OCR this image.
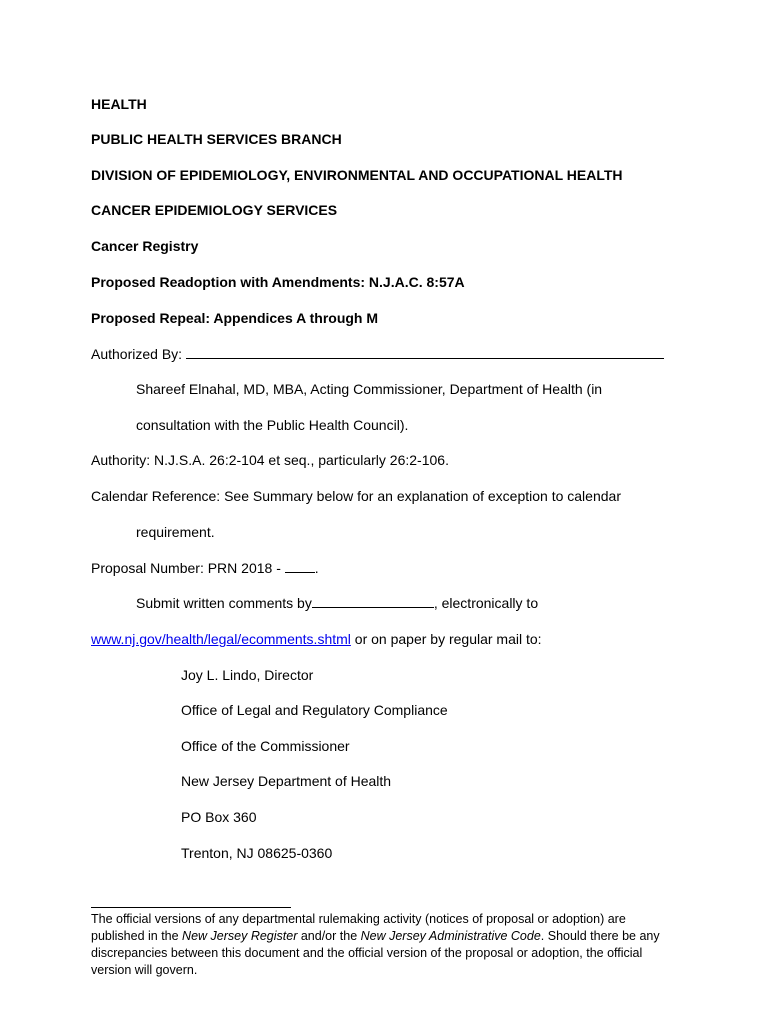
HEALTH
PUBLIC HEALTH SERVICES BRANCH
DIVISION OF EPIDEMIOLOGY, ENVIRONMENTAL AND OCCUPATIONAL HEALTH
CANCER EPIDEMIOLOGY SERVICES
Cancer Registry
Proposed Readoption with Amendments: N.J.A.C. 8:57A
Proposed Repeal: Appendices A through M
Authorized By:
Shareef Elnahal, MD, MBA, Acting Commissioner, Department of Health (in
consultation with the Public Health Council).
Authority: N.J.S.A. 26:2-104 et seq., particularly 26:2-106.
Calendar Reference: See Summary below for an explanation of exception to calendar
requirement.
Proposal Number: PRN 2018 - .
Submit written comments by	, electronically to
www.nj.gov/health/legal/ecomments.shtml or on paper by regular mail to:
Joy L. Lindo, Director
Office of Legal and Regulatory Compliance
Office of the Commissioner
New Jersey Department of Health
PO Box 360
Trenton, NJ 08625-0360
The official versions of any departmental rulemaking activity (notices of proposal or adoption) are published in the New Jersey Register and/or the New Jersey Administrative Code. Should there be any discrepancies between this document and the official version of the proposal or adoption, the official version will govern.
